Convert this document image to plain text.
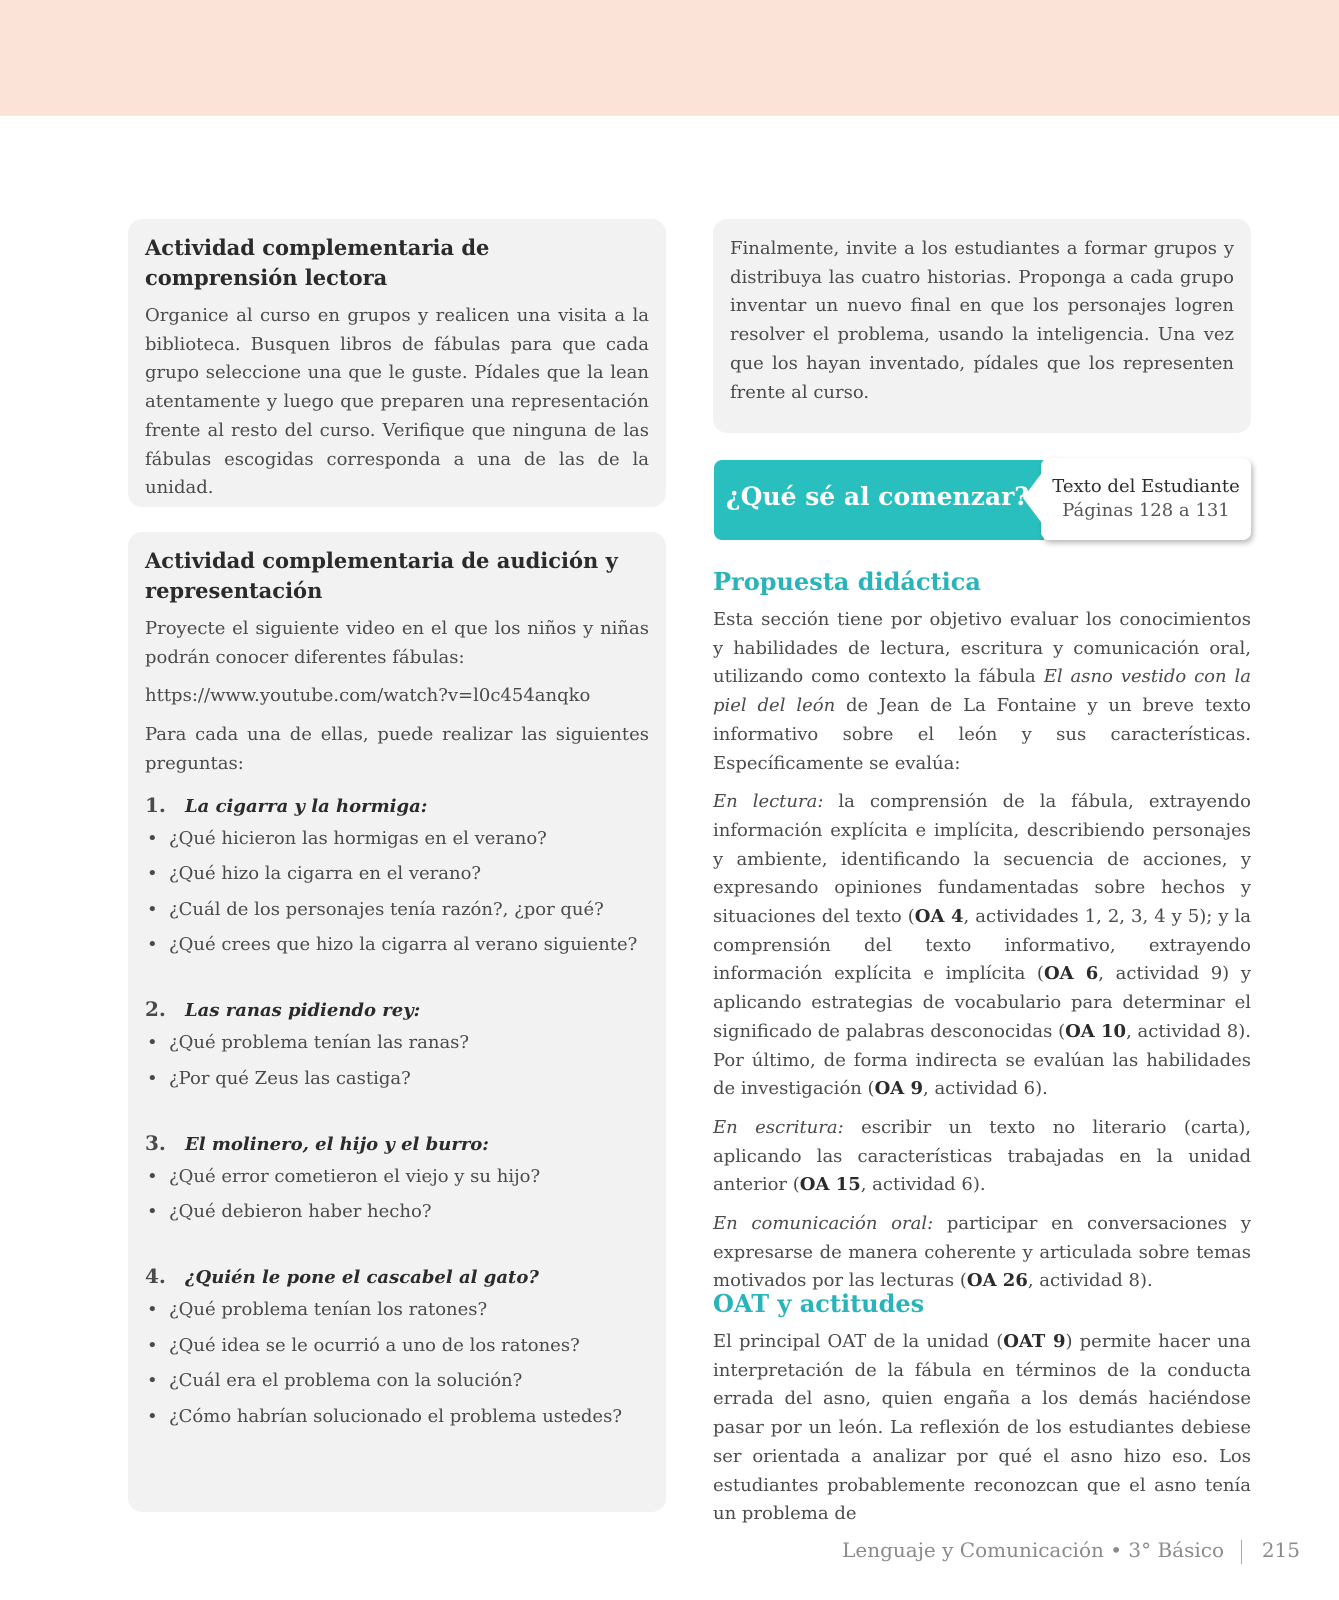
Actividad complementaria de comprensión lectora

Organice al curso en grupos y realicen una visita a la biblioteca. Busquen libros de fábulas para que cada grupo seleccione una que le guste. Pídales que la lean atentamente y luego que preparen una representación frente al resto del curso. Verifique que ninguna de las fábulas escogidas corresponda a una de las de la unidad.

Actividad complementaria de audición y representación

Proyecte el siguiente video en el que los niños y niñas podrán conocer diferentes fábulas:

https://www.youtube.com/watch?v=l0c454anqko

Para cada una de ellas, puede realizar las siguientes preguntas:

1. La cigarra y la hormiga:
• ¿Qué hicieron las hormigas en el verano?
• ¿Qué hizo la cigarra en el verano?
• ¿Cuál de los personajes tenía razón?, ¿por qué?
• ¿Qué crees que hizo la cigarra al verano siguiente?
2. Las ranas pidiendo rey:
• ¿Qué problema tenían las ranas?
• ¿Por qué Zeus las castiga?
3. El molinero, el hijo y el burro:
• ¿Qué error cometieron el viejo y su hijo?
• ¿Qué debieron haber hecho?
4. ¿Quién le pone el cascabel al gato?
• ¿Qué problema tenían los ratones?
• ¿Qué idea se le ocurrió a uno de los ratones?
• ¿Cuál era el problema con la solución?
• ¿Cómo habrían solucionado el problema ustedes?

Finalmente, invite a los estudiantes a formar grupos y distribuya las cuatro historias. Proponga a cada grupo inventar un nuevo final en que los personajes logren resolver el problema, usando la inteligencia. Una vez que los hayan inventado, pídales que los representen frente al curso.

¿Qué sé al comenzar?	Texto del Estudiante
Páginas 128 a 131
Propuesta didáctica

Esta sección tiene por objetivo evaluar los conocimientos y habilidades de lectura, escritura y comunicación oral, utilizando como contexto la fábula El asno vestido con la piel del león de Jean de La Fontaine y un breve texto informativo sobre el león y sus características. Específicamente se evalúa:

En lectura: la comprensión de la fábula, extrayendo información explícita e implícita, describiendo personajes y ambiente, identificando la secuencia de acciones, y expresando opiniones fundamentadas sobre hechos y situaciones del texto (OA 4, actividades 1, 2, 3, 4 y 5); y la comprensión del texto informativo, extrayendo información explícita e implícita (OA 6, actividad 9) y aplicando estrategias de vocabulario para determinar el significado de palabras desconocidas (OA 10, actividad 8). Por último, de forma indirecta se evalúan las habilidades de investigación (OA 9, actividad 6).

En escritura: escribir un texto no literario (carta), aplicando las características trabajadas en la unidad anterior (OA 15, actividad 6).

En comunicación oral: participar en conversaciones y expresarse de manera coherente y articulada sobre temas motivados por las lecturas (OA 26, actividad 8).

OAT y actitudes

El principal OAT de la unidad (OAT 9) permite hacer una interpretación de la fábula en términos de la conducta errada del asno, quien engaña a los demás haciéndose pasar por un león. La reflexión de los estudiantes debiese ser orientada a analizar por qué el asno hizo eso. Los estudiantes probablemente reconozcan que el asno tenía un problema de

Lenguaje y Comunicación • 3° Básico 215
